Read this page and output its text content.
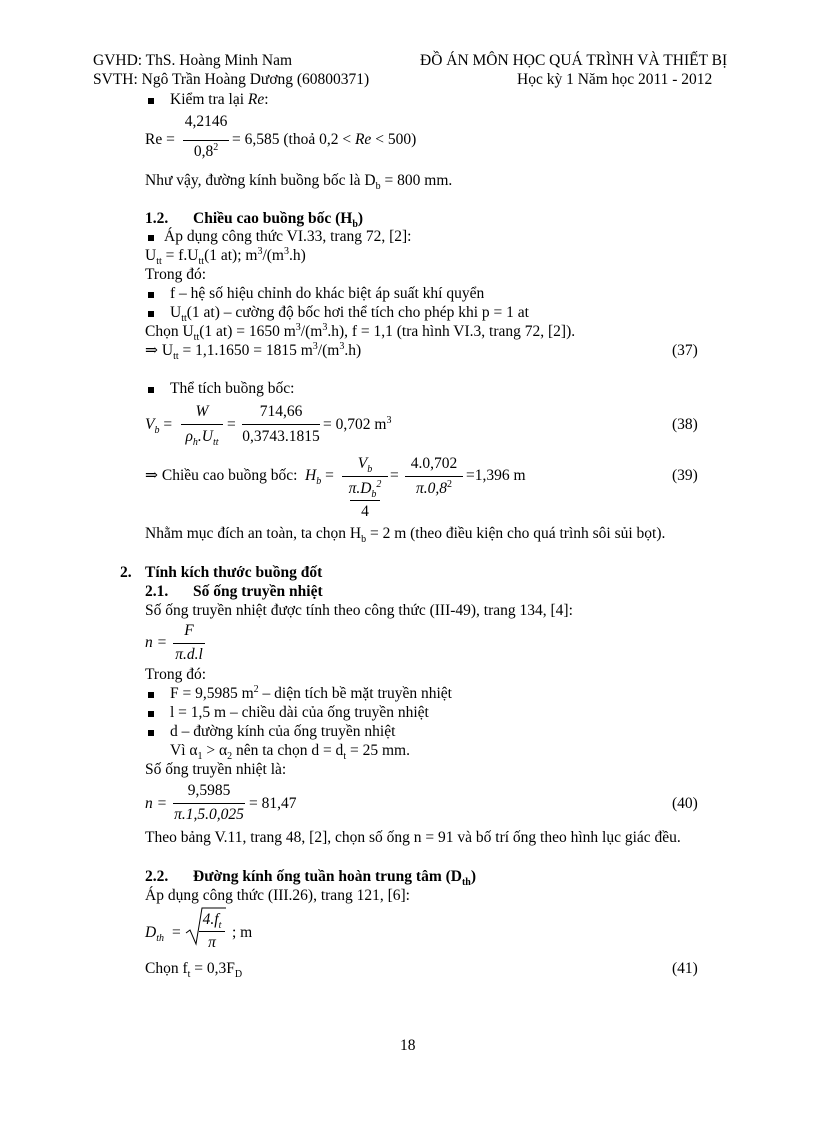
GVHD: ThS. Hoàng Minh Nam	ĐỒ ÁN MÔN HỌC QUÁ TRÌNH VÀ THIẾT BỊ
SVTH: Ngô Trần Hoàng Dương (60800371)	Học kỳ 1 Năm học 2011 - 2012
Kiểm tra lại Re:
Re =
4,2146
$0,8^2 = 6,585$ (thoả 0,2 < Re < 500)
Như vậy, đường kính buồng bốc là $D_b = 800$ mm.
1.2. Chiều cao buồng bốc $(H_b)$
Áp dụng công thức VI.33, trang 72, [2]:
$U_{tt} = f.U_{tt}(1$ at); $m^3/(m^3.h)$
Trong đó:
f – hệ số hiệu chỉnh do khác biệt áp suất khí quyển
$U_{tt}(1$ at) – cường độ bốc hơi thể tích cho phép khi p = 1 at
Chọn $U_{tt}(1$ at) = 1650 $m^3/(m^3.h)$, f = 1,1 (tra hình VI.3, trang 72, [2]).
⇒ $U_{tt} = 1,1.1650 = 1815$ $m^3/(m^3.h)$	(37)
Thể tích buồng bốc:
$V_b$ =
W
$\rho_h.U_{tt}$
=
714,66
0,3743.1815
= 0,702 $m^3$	(38)
⇒ Chiều cao buồng bốc: $H_b$ =
$V_b$
$\pi.D_b^2$
4
=
4.0,702
$\pi.0,8^2$
=1,396 m	(39)
Nhằm mục đích an toàn, ta chọn $H_b = 2$ m (theo điều kiện cho quá trình sôi sủi bọt).
2. Tính kích thước buồng đốt
2.1. Số ống truyền nhiệt
Số ống truyền nhiệt được tính theo công thức (III-49), trang 134, [4]:
n =
F
π.d.l
Trong đó:
F = 9,5985 $m^2$ – diện tích bề mặt truyền nhiệt
l = 1,5 m – chiều dài của ống truyền nhiệt
d – đường kính của ống truyền nhiệt
Vì $\alpha_1 > \alpha_2$ nên ta chọn $d = d_t = 25$ mm.
Số ống truyền nhiệt là:
n =
9,5985
π.1,5.0,025
= 81,47	(40)
Theo bảng V.11, trang 48, [2], chọn số ống n = 91 và bố trí ống theo hình lục giác đều.
2.2. Đường kính ống tuần hoàn trung tâm $(D_{th})$
Áp dụng công thức (III.26), trang 121, [6]:
$D_{th}$ =
$4.f_t$
π
; m
Chọn $f_t = 0,3F_D$	(41)
18
